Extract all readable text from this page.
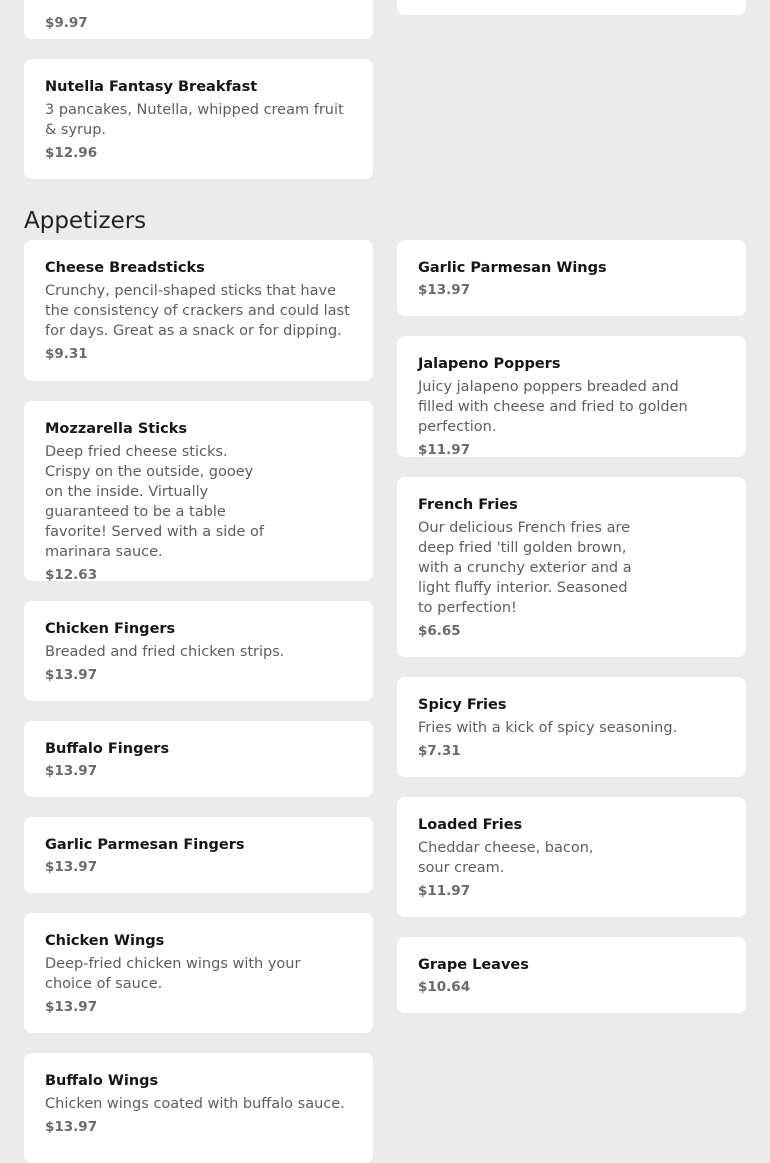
$9.97

Nutella Fantasy Breakfast

3 pancakes, Nutella, whipped cream fruit & syrup.

$12.96

Appetizers

Cheese Breadsticks

Crunchy, pencil-shaped sticks that have the consistency of crackers and could last for days. Great as a snack or for dipping.

$9.31

Mozzarella Sticks

Deep fried cheese sticks. Crispy on the outside, gooey on the inside. Virtually guaranteed to be a table favorite! Served with a side of marinara sauce.

$12.63

Chicken Fingers

Breaded and fried chicken strips.

$13.97

Buffalo Fingers

$13.97

Garlic Parmesan Fingers

$13.97

Chicken Wings

Deep-fried chicken wings with your choice of sauce.

$13.97

Buffalo Wings

Chicken wings coated with buffalo sauce.

$13.97

Garlic Parmesan Wings

$13.97

Jalapeno Poppers

Juicy jalapeno poppers breaded and filled with cheese and fried to golden perfection.

$11.97

French Fries

Our delicious French fries are deep fried 'till golden brown, with a crunchy exterior and a light fluffy interior. Seasoned to perfection!

$6.65

Spicy Fries

Fries with a kick of spicy seasoning.

$7.31

Loaded Fries

Cheddar cheese, bacon, sour cream.

$11.97

Grape Leaves

$10.64
